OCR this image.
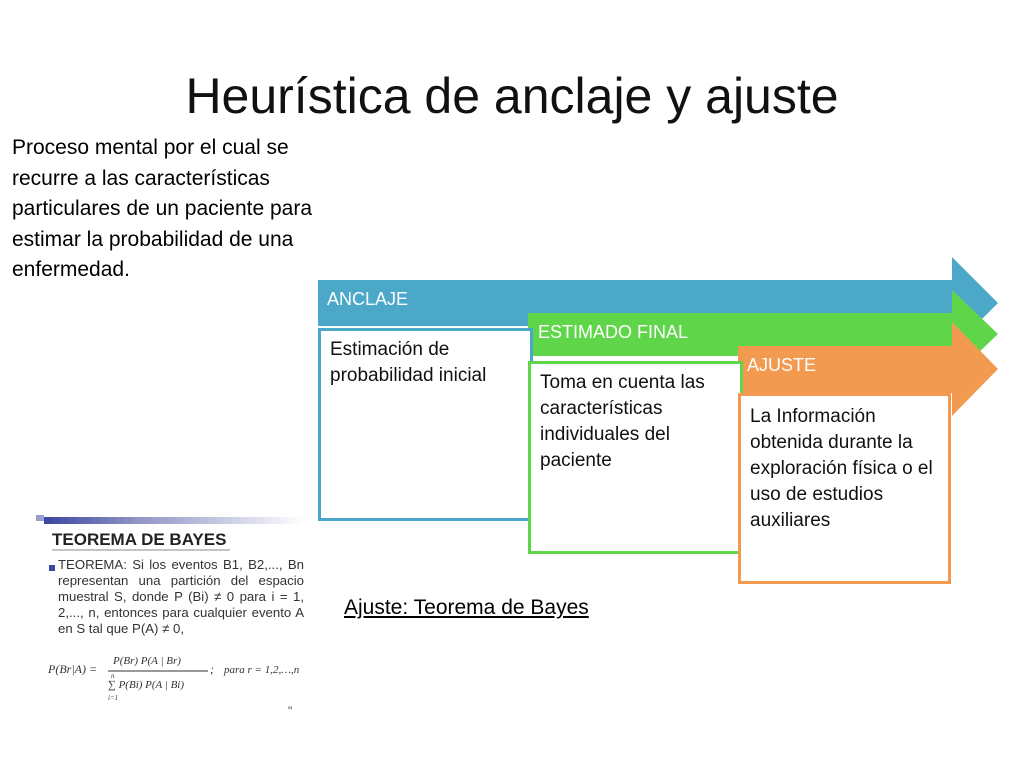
Heurística de anclaje y ajuste
Proceso mental por el cual se recurre a las características particulares de un paciente para estimar la probabilidad de una enfermedad.
ANCLAJE
ESTIMADO FINAL
AJUSTE
Estimación de probabilidad inicial	Toma en cuenta las características individuales del paciente
La Información obtenida durante la exploración física o el uso de estudios auxiliares
Ajuste: Teorema de Bayes
TEOREMA DE BAYES
TEOREMA: Si los eventos B1, B2,..., Bn representan una partición del espacio muestral S, donde P (Bi) ≠ 0 para i = 1, 2,..., n, entonces para cualquier evento A en S tal que P(A) ≠ 0,
P(Br|A) =
P(Br) P(A | Br)
∑ P(Bi) P(A | Bi)
n
i=1
; para r = 1,2,…,n
"
